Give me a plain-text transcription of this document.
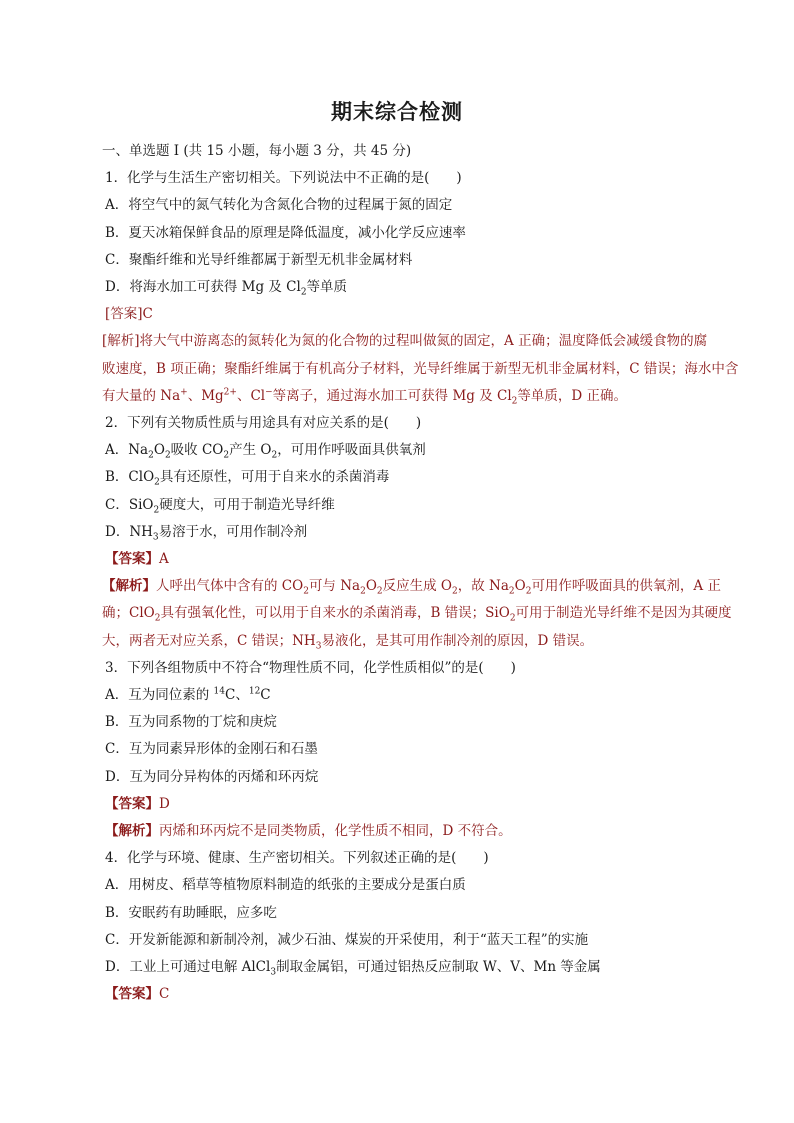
期末综合检测
一、单选题 I (共 15 小题，每小题 3 分，共 45 分)
1．化学与生活生产密切相关。下列说法中不正确的是(　　)
A．将空气中的氮气转化为含氮化合物的过程属于氮的固定
B．夏天冰箱保鲜食品的原理是降低温度，减小化学反应速率
C．聚酯纤维和光导纤维都属于新型无机非金属材料
D．将海水加工可获得 Mg 及 $Cl_2$等单质
[答案]C
[解析]将大气中游离态的氮转化为氮的化合物的过程叫做氮的固定，A 正确；温度降低会减缓食物的腐
败速度，B 项正确；聚酯纤维属于有机高分子材料，光导纤维属于新型无机非金属材料，C 错误；海水中含
有大量的 Na+、$Mg^{2+}$、Cl−等离子，通过海水加工可获得 Mg 及 $Cl_2$等单质，D 正确。
2．下列有关物质性质与用途具有对应关系的是(　　)
A．$Na_2O_2$吸收 $CO_2$产生 $O_2$，可用作呼吸面具供氧剂
B．ClO$_2$具有还原性，可用于自来水的杀菌消毒
C．SiO$_2$硬度大，可用于制造光导纤维
D．$NH_3$易溶于水，可用作制冷剂
【答案】A
【解析】人呼出气体中含有的 $CO_2$可与 $Na_2O_2$反应生成 $O_2$，故 $Na_2O_2$可用作呼吸面具的供氧剂，A 正
确；ClO$_2$具有强氧化性，可以用于自来水的杀菌消毒，B 错误；SiO$_2$可用于制造光导纤维不是因为其硬度
大，两者无对应关系，C 错误；$NH_3$易液化，是其可用作制冷剂的原因，D 错误。
3．下列各组物质中不符合“物理性质不同，化学性质相似”的是(　　)
A．互为同位素的 $^{14}$C、$^{12}$C
B．互为同系物的丁烷和庚烷
C．互为同素异形体的金刚石和石墨
D．互为同分异构体的丙烯和环丙烷
【答案】D
【解析】丙烯和环丙烷不是同类物质，化学性质不相同，D 不符合。
4．化学与环境、健康、生产密切相关。下列叙述正确的是(　　)
A．用树皮、稻草等植物原料制造的纸张的主要成分是蛋白质
B．安眠药有助睡眠，应多吃
C．开发新能源和新制冷剂，减少石油、煤炭的开采使用，利于“蓝天工程”的实施
D．工业上可通过电解 AlCl$_3$制取金属铝，可通过铝热反应制取 W、V、Mn 等金属
【答案】C
